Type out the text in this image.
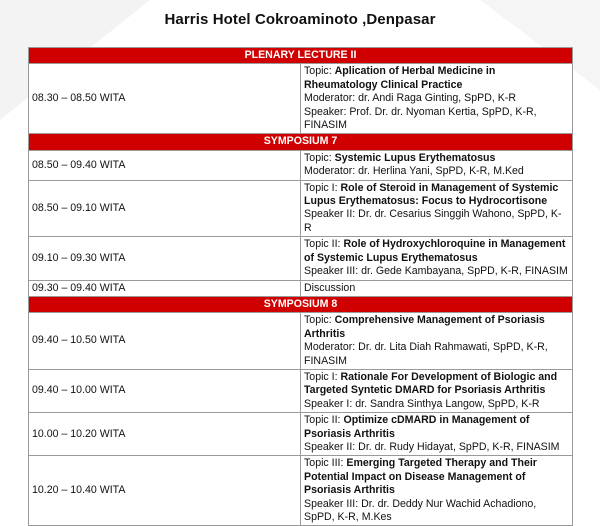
Harris Hotel Cokroaminoto ,Denpasar
PLENARY LECTURE II	
08.30 – 08.50 WITA	Topic: Aplication of Herbal Medicine in Rheumatology Clinical Practice
Moderator: dr. Andi Raga Ginting, SpPD, K-R
Speaker: Prof. Dr. dr. Nyoman Kertia, SpPD, K-R, FINASIM

SYMPOSIUM 7	
08.50 – 09.40 WITA	Topic: Systemic Lupus Erythematosus
Moderator: dr. Herlina Yani, SpPD, K-R, M.Ked

08.50 – 09.10 WITA	Topic I: Role of Steroid in Management of Systemic Lupus Erythematosus: Focus to Hydrocortisone
Speaker II: Dr. dr. Cesarius Singgih Wahono, SpPD, K-R

09.10 – 09.30 WITA	Topic II: Role of Hydroxychloroquine in Management of Systemic Lupus Erythematosus
Speaker III: dr. Gede Kambayana, SpPD, K-R, FINASIM

09.30 – 09.40 WITA	Discussion

SYMPOSIUM 8	
09.40 – 10.50 WITA	Topic: Comprehensive Management of Psoriasis Arthritis
Moderator: Dr. dr. Lita Diah Rahmawati, SpPD, K-R, FINASIM

09.40 – 10.00 WITA	Topic I: Rationale For Development of Biologic and Targeted Syntetic DMARD for Psoriasis Arthritis
Speaker I: dr. Sandra Sinthya Langow, SpPD, K-R

10.00 – 10.20 WITA	Topic II: Optimize cDMARD in Management of Psoriasis Arthritis
Speaker II: Dr. dr. Rudy Hidayat, SpPD, K-R, FINASIM

10.20 – 10.40 WITA	Topic III: Emerging Targeted Therapy and Their Potential Impact on Disease Management of Psoriasis Arthritis
Speaker III: Dr. dr. Deddy Nur Wachid Achadiono, SpPD, K-R, M.Kes
